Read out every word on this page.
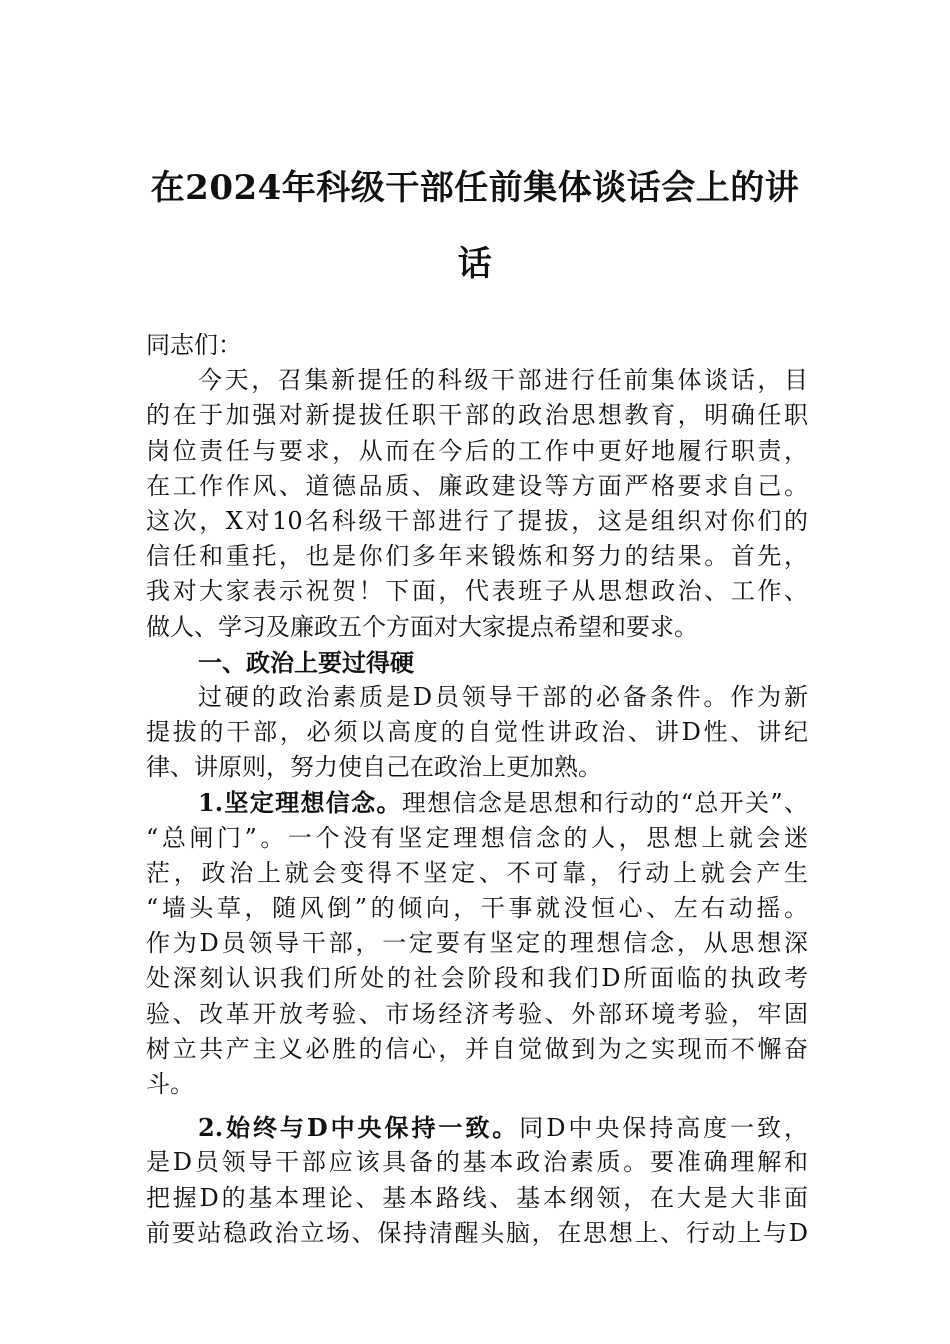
在2024年科级干部任前集体谈话会上的讲
话
同志们：
今天，召集新提任的科级干部进行任前集体谈话，目
的在于加强对新提拔任职干部的政治思想教育，明确任职
岗位责任与要求，从而在今后的工作中更好地履行职责，
在工作作风、道德品质、廉政建设等方面严格要求自己。
这次，X对10名科级干部进行了提拔，这是组织对你们的
信任和重托，也是你们多年来锻炼和努力的结果。首先，
我对大家表示祝贺！下面，代表班子从思想政治、工作、
做人、学习及廉政五个方面对大家提点希望和要求。
一、政治上要过得硬
过硬的政治素质是D员领导干部的必备条件。作为新
提拔的干部，必须以高度的自觉性讲政治、讲D性、讲纪
律、讲原则，努力使自己在政治上更加熟。
1.坚定理想信念。理想信念是思想和行动的“总开关”、
“总闸门”。一个没有坚定理想信念的人，思想上就会迷
茫，政治上就会变得不坚定、不可靠，行动上就会产生
“墙头草，随风倒”的倾向，干事就没恒心、左右动摇。
作为D员领导干部，一定要有坚定的理想信念，从思想深
处深刻认识我们所处的社会阶段和我们D所面临的执政考
验、改革开放考验、市场经济考验、外部环境考验，牢固
树立共产主义必胜的信心，并自觉做到为之实现而不懈奋
斗。
2.始终与D中央保持一致。同D中央保持高度一致，
是D员领导干部应该具备的基本政治素质。要准确理解和
把握D的基本理论、基本路线、基本纲领，在大是大非面
前要站稳政治立场、保持清醒头脑，在思想上、行动上与D
